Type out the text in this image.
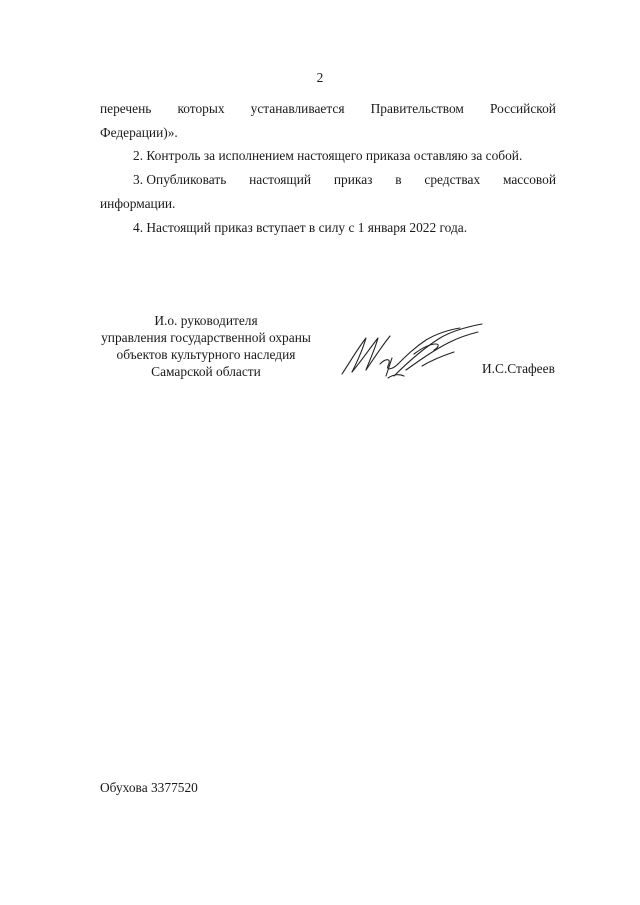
2
перечень которых устанавливается Правительством Российской
Федерации)».
2. Контроль за исполнением настоящего приказа оставляю за собой.
3. Опубликовать настоящий приказ в средствах массовой
информации.
4. Настоящий приказ вступает в силу с 1 января 2022 года.
И.о. руководителя
управления государственной охраны
объектов культурного наследия
Самарской области	И.С.Стафеев
Обухова 3377520
